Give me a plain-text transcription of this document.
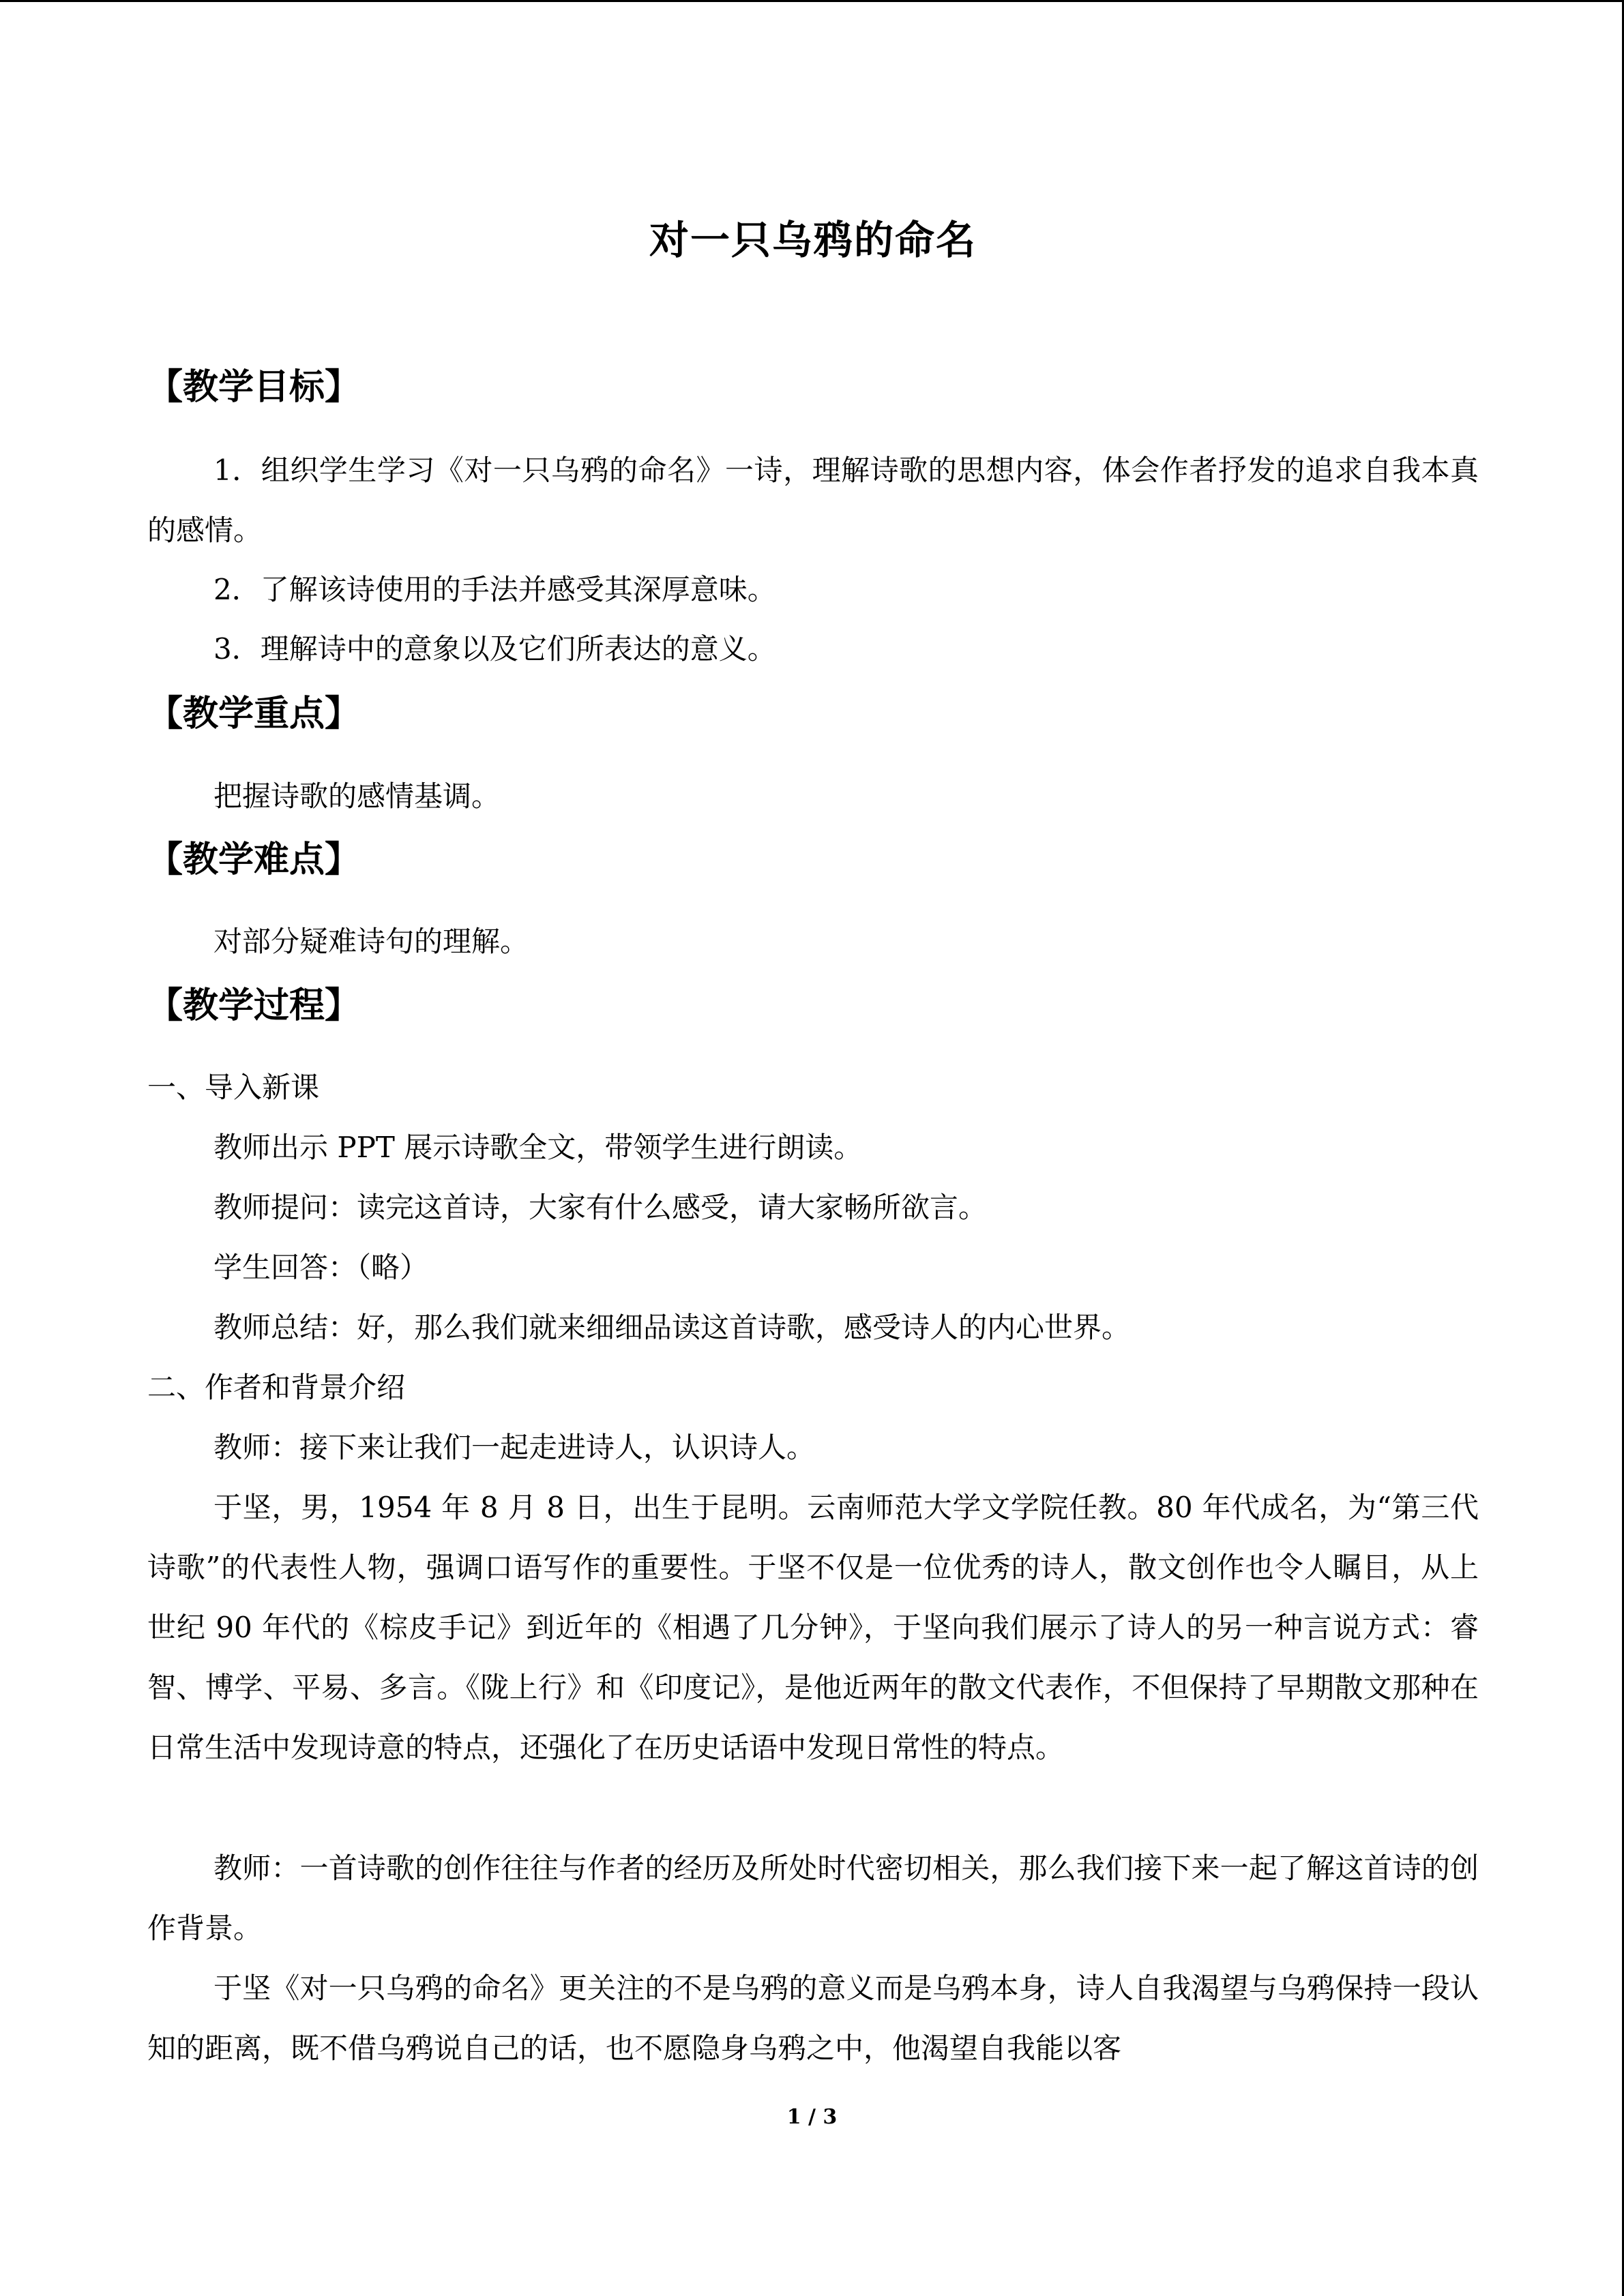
对一只乌鸦的命名
【教学目标】
1．组织学生学习《对一只乌鸦的命名》一诗，理解诗歌的思想内容，体会作者抒发的追求自我本真的感情。
2．了解该诗使用的手法并感受其深厚意味。
3．理解诗中的意象以及它们所表达的意义。
【教学重点】
把握诗歌的感情基调。
【教学难点】
对部分疑难诗句的理解。
【教学过程】
一、导入新课
教师出示 PPT 展示诗歌全文，带领学生进行朗读。
教师提问：读完这首诗，大家有什么感受，请大家畅所欲言。
学生回答：（略）
教师总结：好，那么我们就来细细品读这首诗歌，感受诗人的内心世界。
二、作者和背景介绍
教师：接下来让我们一起走进诗人，认识诗人。
于坚，男，1954 年 8 月 8 日，出生于昆明。云南师范大学文学院任教。80 年代成名，为“第三代诗歌”的代表性人物，强调口语写作的重要性。于坚不仅是一位优秀的诗人，散文创作也令人瞩目，从上世纪 90 年代的《棕皮手记》到近年的《相遇了几分钟》，于坚向我们展示了诗人的另一种言说方式：睿智、博学、平易、多言。《陇上行》和《印度记》，是他近两年的散文代表作，不但保持了早期散文那种在日常生活中发现诗意的特点，还强化了在历史话语中发现日常性的特点。
教师：一首诗歌的创作往往与作者的经历及所处时代密切相关，那么我们接下来一起了解这首诗的创作背景。
于坚《对一只乌鸦的命名》更关注的不是乌鸦的意义而是乌鸦本身，诗人自我渴望与乌鸦保持一段认知的距离，既不借乌鸦说自己的话，也不愿隐身乌鸦之中，他渴望自我能以客
1 / 3
